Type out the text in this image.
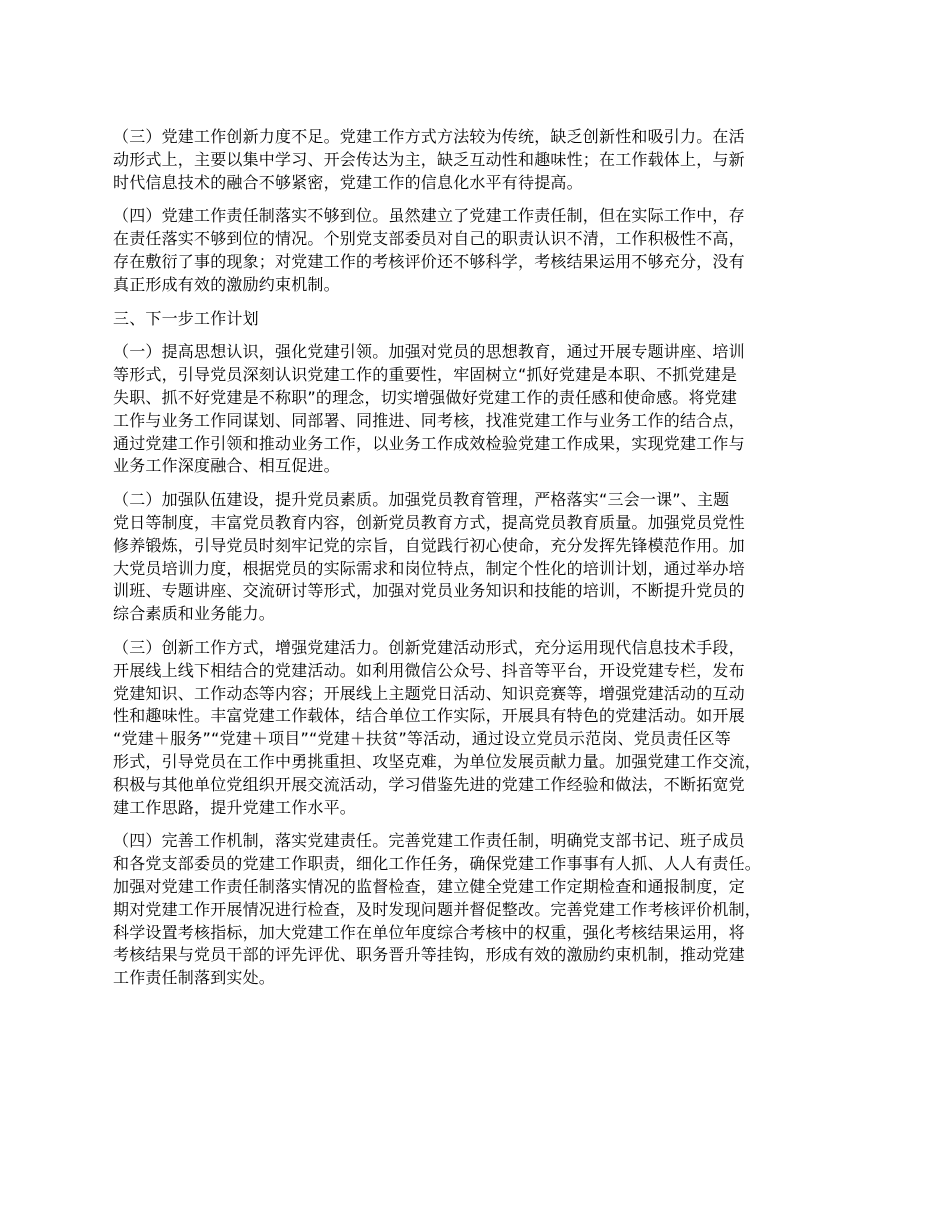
（三）党建工作创新力度不足。党建工作方式方法较为传统，缺乏创新性和吸引力。在活
动形式上，主要以集中学习、开会传达为主，缺乏互动性和趣味性；在工作载体上，与新
时代信息技术的融合不够紧密，党建工作的信息化水平有待提高。

（四）党建工作责任制落实不够到位。虽然建立了党建工作责任制，但在实际工作中，存
在责任落实不够到位的情况。个别党支部委员对自己的职责认识不清，工作积极性不高，
存在敷衍了事的现象；对党建工作的考核评价还不够科学，考核结果运用不够充分，没有
真正形成有效的激励约束机制。

三、下一步工作计划

（一）提高思想认识，强化党建引领。加强对党员的思想教育，通过开展专题讲座、培训
等形式，引导党员深刻认识党建工作的重要性，牢固树立“抓好党建是本职、不抓党建是
失职、抓不好党建是不称职”的理念，切实增强做好党建工作的责任感和使命感。将党建
工作与业务工作同谋划、同部署、同推进、同考核，找准党建工作与业务工作的结合点，
通过党建工作引领和推动业务工作，以业务工作成效检验党建工作成果，实现党建工作与
业务工作深度融合、相互促进。

（二）加强队伍建设，提升党员素质。加强党员教育管理，严格落实“三会一课”、主题
党日等制度，丰富党员教育内容，创新党员教育方式，提高党员教育质量。加强党员党性
修养锻炼，引导党员时刻牢记党的宗旨，自觉践行初心使命，充分发挥先锋模范作用。加
大党员培训力度，根据党员的实际需求和岗位特点，制定个性化的培训计划，通过举办培
训班、专题讲座、交流研讨等形式，加强对党员业务知识和技能的培训，不断提升党员的
综合素质和业务能力。

（三）创新工作方式，增强党建活力。创新党建活动形式，充分运用现代信息技术手段，
开展线上线下相结合的党建活动。如利用微信公众号、抖音等平台，开设党建专栏，发布
党建知识、工作动态等内容；开展线上主题党日活动、知识竞赛等，增强党建活动的互动
性和趣味性。丰富党建工作载体，结合单位工作实际，开展具有特色的党建活动。如开展
“党建＋服务”“党建＋项目”“党建＋扶贫”等活动，通过设立党员示范岗、党员责任区等
形式，引导党员在工作中勇挑重担、攻坚克难，为单位发展贡献力量。加强党建工作交流，
积极与其他单位党组织开展交流活动，学习借鉴先进的党建工作经验和做法，不断拓宽党
建工作思路，提升党建工作水平。

（四）完善工作机制，落实党建责任。完善党建工作责任制，明确党支部书记、班子成员
和各党支部委员的党建工作职责，细化工作任务，确保党建工作事事有人抓、人人有责任。
加强对党建工作责任制落实情况的监督检查，建立健全党建工作定期检查和通报制度，定
期对党建工作开展情况进行检查，及时发现问题并督促整改。完善党建工作考核评价机制，
科学设置考核指标，加大党建工作在单位年度综合考核中的权重，强化考核结果运用，将
考核结果与党员干部的评先评优、职务晋升等挂钩，形成有效的激励约束机制，推动党建
工作责任制落到实处。
